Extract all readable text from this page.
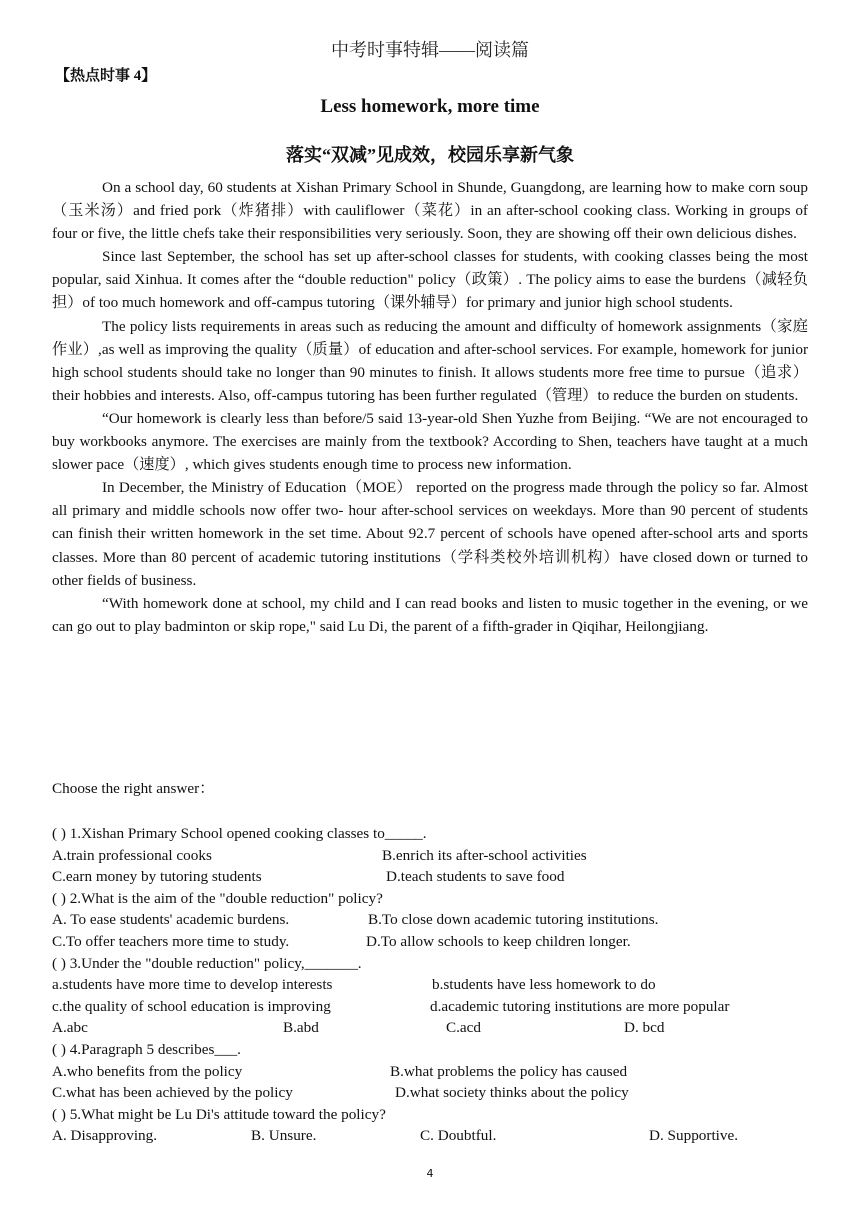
中考时事特辑——阅读篇
【热点时事 4】
Less homework, more time
落实“双减”见成效，校园乐享新气象

On a school day, 60 students at Xishan Primary School in Shunde, Guangdong, are learning how to make corn soup（玉米汤）and fried pork（炸猪排）with cauliflower（菜花）in an after-school cooking class. Working in groups of four or five, the little chefs take their responsibilities very seriously. Soon, they are showing off their own delicious dishes.

Since last September, the school has set up after-school classes for students, with cooking classes being the most popular, said Xinhua. It comes after the “double reduction" policy（政策）. The policy aims to ease the burdens（减轻负担）of too much homework and off-campus tutoring（课外辅导）for primary and junior high school students.

The policy lists requirements in areas such as reducing the amount and difficulty of homework assignments（家庭作业）,as well as improving the quality（质量）of education and after-school services. For example, homework for junior high school students should take no longer than 90 minutes to finish. It allows students more free time to pursue（追求）their hobbies and interests. Also, off-campus tutoring has been further regulated（管理）to reduce the burden on students.

“Our homework is clearly less than before/5 said 13-year-old Shen Yuzhe from Beijing. “We are not encouraged to buy workbooks anymore. The exercises are mainly from the textbook? According to Shen, teachers have taught at a much slower pace（速度）, which gives students enough time to process new information.

In December, the Ministry of Education（MOE） reported on the progress made through the policy so far. Almost all primary and middle schools now offer two- hour after-school services on weekdays. More than 90 percent of students can finish their written homework in the set time. About 92.7 percent of schools have opened after-school arts and sports classes. More than 80 percent of academic tutoring institutions（学科类校外培训机构）have closed down or turned to other fields of business.

“With homework done at school, my child and I can read books and listen to music together in the evening, or we can go out to play badminton or skip rope," said Lu Di, the parent of a fifth-grader in Qiqihar, Heilongjiang.

Choose the right answer：
( ) 1.Xishan Primary School opened cooking classes to_____.
A.train professional cooks	B.enrich its after-school activities
C.earn money by tutoring students	D.teach students to save food
( ) 2.What is the aim of the "double reduction" policy?
A. To ease students' academic burdens.	B.To close down academic tutoring institutions.
C.To offer teachers more time to study.	D.To allow schools to keep children longer.
( ) 3.Under the "double reduction" policy,_______.
a.students have more time to develop interests	b.students have less homework to do
c.the quality of school education is improving	d.academic tutoring institutions are more popular
A.abc	B.abd	C.acd	D. bcd
( ) 4.Paragraph 5 describes___.
A.who benefits from the policy	B.what problems the policy has caused
C.what has been achieved by the policy	D.what society thinks about the policy
( ) 5.What might be Lu Di's attitude toward the policy?
A. Disapproving.	B. Unsure.	C. Doubtful.	D. Supportive.
4
